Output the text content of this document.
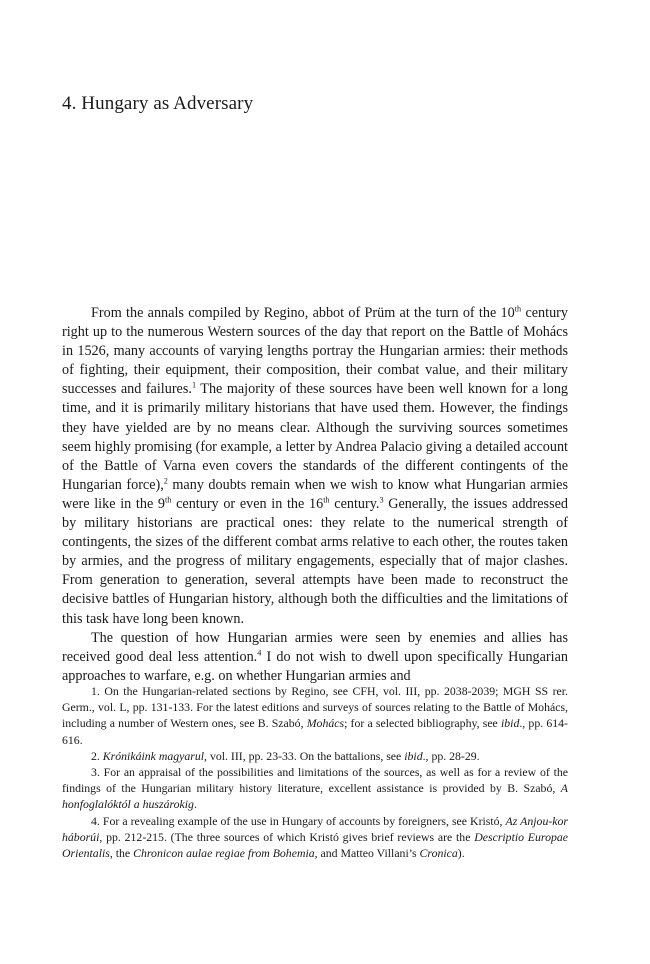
4. Hungary as Adversary

From the annals compiled by Regino, abbot of Prüm at the turn of the 10th century right up to the numerous Western sources of the day that report on the Battle of Mohács in 1526, many accounts of varying lengths portray the Hungarian armies: their methods of fighting, their equipment, their composition, their combat value, and their military successes and failures.$^1$ The majority of these sources have been well known for a long time, and it is primarily military historians that have used them. However, the findings they have yielded are by no means clear. Although the surviving sources sometimes seem highly promising (for example, a letter by Andrea Palacio giving a detailed account of the Battle of Varna even covers the standards of the different contingents of the Hungarian force),$^2$ many doubts remain when we wish to know what Hungarian armies were like in the 9th century or even in the 16th century.$^3$ Generally, the issues addressed by military historians are practical ones: they relate to the numerical strength of contingents, the sizes of the different combat arms relative to each other, the routes taken by armies, and the progress of military engagements, especially that of major clashes. From generation to generation, several attempts have been made to reconstruct the decisive battles of Hungarian history, although both the difficulties and the limitations of this task have long been known.

The question of how Hungarian armies were seen by enemies and allies has received good deal less attention.$^4$ I do not wish to dwell upon specifically Hungarian approaches to warfare, e.g. on whether Hungarian armies and

1. On the Hungarian-related sections by Regino, see CFH, vol. III, pp. 2038-2039; MGH SS rer. Germ., vol. L, pp. 131-133. For the latest editions and surveys of sources relating to the Battle of Mohács, including a number of Western ones, see B. Szabó, Mohács; for a selected bibliography, see ibid., pp. 614-616.

2. Krónikáink magyarul, vol. III, pp. 23-33. On the battalions, see ibid., pp. 28-29.

3. For an appraisal of the possibilities and limitations of the sources, as well as for a review of the findings of the Hungarian military history literature, excellent assistance is provided by B. Szabó, A honfoglalóktól a huszárokig.

4. For a revealing example of the use in Hungary of accounts by foreigners, see Kristó, Az Anjou-kor háborúi, pp. 212-215. (The three sources of which Kristó gives brief reviews are the Descriptio Europae Orientalis, the Chronicon aulae regiae from Bohemia, and Matteo Villani’s Cronica).
